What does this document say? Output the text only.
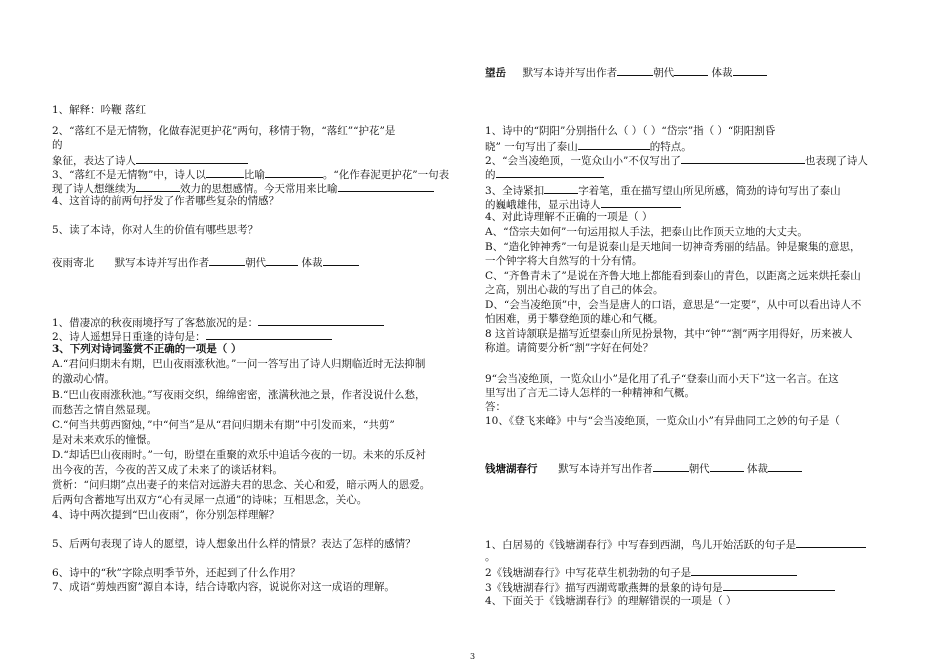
1、解释：吟鞭 落红
2、“落红不是无情物，化做春泥更护花”两句，移情于物，“落红”“护花”是
的
象征，表达了诗人
3、“落红不是无情物”中，诗人以	比喻	。“化作春泥更护花”一句表
现了诗人想继续为	效力的思想感情。今天常用来比喻
4、这首诗的前两句抒发了作者哪些复杂的情感？
5、读了本诗，你对人生的价值有哪些思考？
夜雨寄北 默写本诗并写出作者	朝代	体裁
1、借凄凉的秋夜雨境抒写了客愁旅况的是：
2、诗人遥想异日重逢的诗句是：
3、下列对诗词鉴赏不正确的一项是（ ）
A.“君问归期未有期，巴山夜雨涨秋池。”一问一答写出了诗人归期临近时无法抑制
的激动心情。
B.“巴山夜雨涨秋池。”写夜雨交织，绵绵密密，涨满秋池之景，作者没说什么愁，
而愁苦之情自然显现。
C.“何当共剪西窗烛，”中“何当”是从“君问归期未有期”中引发而来，“共剪”
是对未来欢乐的憧憬。
D.“却话巴山夜雨时。”一句，盼望在重聚的欢乐中追话今夜的一切。未来的乐反衬
出今夜的苦，今夜的苦又成了未来了的谈话材料。
赏析：“问归期”点出妻子的来信对远游夫君的思念、关心和爱，暗示两人的恩爱。
后两句含蓄地写出双方“心有灵犀一点通”的诗味；互相思念，关心。
4、诗中两次提到“巴山夜雨”，你分别怎样理解？
5、后两句表现了诗人的愿望，诗人想象出什么样的情景？表达了怎样的感情？
6、诗中的“秋”字除点明季节外，还起到了什么作用？
7、成语“剪烛西窗”源自本诗，结合诗歌内容，说说你对这一成语的理解。
望岳 默写本诗并写出作者	朝代	体裁
1、诗中的“阴阳”分别指什么（ ）（ ）“岱宗”指（ ）“阴阳割昏
晓” 一句写出了泰山	的特点。
2、“会当凌绝顶，一览众山小”不仅写出了	也表现了诗人
的
3、全诗紧扣	字着笔，重在描写望山所见所感，简劲的诗句写出了泰山
的巍峨雄伟，显示出诗人
4、对此诗理解不正确的一项是（ ）
A、“岱宗夫如何”一句运用拟人手法，把泰山比作顶天立地的大丈夫。
B、“造化钟神秀”一句是说泰山是天地间一切神奇秀丽的结晶。钟是聚集的意思，
一个钟字将大自然写的十分有情。
C、“齐鲁青未了”是说在齐鲁大地上都能看到泰山的青色，以距离之远来烘托泰山
之高，别出心裁的写出了自己的体会。
D、“会当凌绝顶”中，会当是唐人的口语，意思是“一定要”，从中可以看出诗人不
怕困难，勇于攀登绝顶的雄心和气概。
8 这首诗颔联是描写近望泰山所见扮景物，其中“钟”“割”两字用得好，历来被人
称道。请简要分析“割”字好在何处？
9“会当凌绝顶，一览众山小”是化用了孔子“登泰山而小天下”这一名言。在这
里写出了言无二诗人怎样的一种精神和气概。
答：
10、《登飞来峰》中与“会当凌绝顶，一览众山小”有异曲同工之妙的句子是（
钱塘湖春行 默写本诗并写出作者	朝代	体裁
1、白居易的《钱塘湖春行》中写春到西湖，鸟儿开始活跃的句子是
。
2《钱塘湖春行》中写花草生机勃勃的句子是
3《钱塘湖春行》描写西湖莺歌燕舞的景象的诗句是
4、下面关于《钱塘湖春行》的理解错误的一项是（ ）
3
